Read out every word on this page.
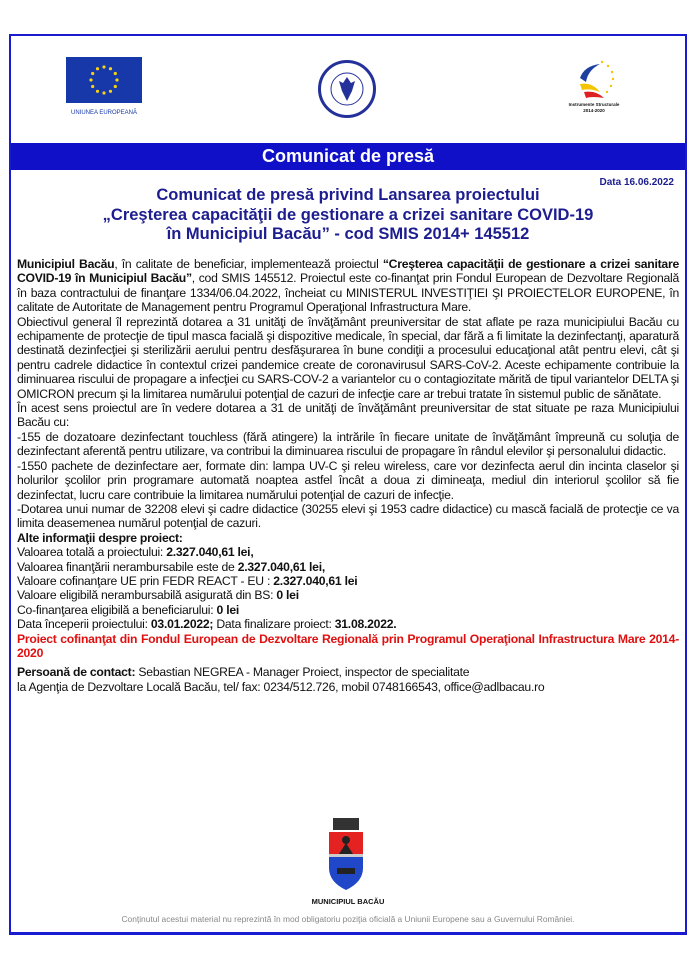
UNIUNEA EUROPEANĂ
Instrumente Structurale
2014-2020
Comunicat de presă
Data 16.06.2022
Comunicat de presă privind Lansarea proiectului
„Creşterea capacităţii de gestionare a crizei sanitare COVID-19
în Municipiul Bacău” - cod SMIS 2014+ 145512

Municipiul Bacău, în calitate de beneficiar, implementează proiectul “Creşterea capacităţii de gestionare a crizei sanitare COVID-19 în Municipiul Bacău”, cod SMIS 145512. Proiectul este co-finanţat prin Fondul European de Dezvoltare Regională în baza contractului de finanţare 1334/06.04.2022, încheiat cu MINISTERUL INVESTIŢIEI ŞI PROIECTELOR EUROPENE, în calitate de Autoritate de Management pentru Programul Operaţional Infrastructura Mare.

Obiectivul general îl reprezintă dotarea a 31 unităţi de învăţământ preuniversitar de stat aflate pe raza municipiului Bacău cu echipamente de protecţie de tipul masca facială şi dispozitive medicale, în special, dar fără a fi limitate la dezinfectanţi, aparatură destinată dezinfecţiei şi sterilizării aerului pentru desfăşurarea în bune condiţii a procesului educaţional atât pentru elevi, cât şi pentru cadrele didactice în contextul crizei pandemice create de coronavirusul SARS-CoV-2. Aceste echipamente contribuie la diminuarea riscului de propagare a infecţiei cu SARS-COV-2 a variantelor cu o contagiozitate mărită de tipul variantelor DELTA şi OMICRON precum şi la limitarea numărului potenţial de cazuri de infecţie care ar trebui tratate în sistemul public de sănătate.

În acest sens proiectul are în vedere dotarea a 31 de unităţi de învăţământ preuniversitar de stat situate pe raza Municipiului Bacău cu:

-155 de dozatoare dezinfectant touchless (fără atingere) la intrările în fiecare unitate de învăţământ împreună cu soluţia de dezinfectant aferentă pentru utilizare, va contribui la diminuarea riscului de propagare în rândul elevilor şi personalului didactic.

-1550 pachete de dezinfectare aer, formate din: lampa UV-C şi releu wireless, care vor dezinfecta aerul din incinta claselor şi holurilor şcolilor prin programare automată noaptea astfel încât a doua zi dimineaţa, mediul din interiorul şcolilor să fie dezinfectat, lucru care contribuie la limitarea numărului potenţial de cazuri de infecţie.

-Dotarea unui numar de 32208 elevi şi cadre didactice (30255 elevi şi 1953 cadre didactice) cu mască facială de protecţie ce va limita deasemenea numărul potenţial de cazuri.

Alte informaţii despre proiect:

Valoarea totală a proiectului: 2.327.040,61 lei,

Valoarea finanţării nerambursabile este de 2.327.040,61 lei,

Valoare cofinanţare UE prin FEDR REACT - EU : 2.327.040,61 lei

Valoare eligibilă nerambursabilă asigurată din BS: 0 lei

Co-finanţarea eligibilă a beneficiarului: 0 lei

Data începerii proiectului: 03.01.2022; Data finalizare proiect: 31.08.2022.

Proiect cofinanţat din Fondul European de Dezvoltare Regională prin Programul Operaţional Infrastructura Mare 2014-2020

Persoană de contact: Sebastian NEGREA - Manager Proiect, inspector de specialitate
la Agenţia de Dezvoltare Locală Bacău, tel/ fax: 0234/512.726, mobil 0748166543, office@adlbacau.ro

MUNICIPIUL BACĂU
Conţinutul acestui material nu reprezintă în mod obligatoriu poziţia oficială a Uniunii Europene sau a Guvernului României.
